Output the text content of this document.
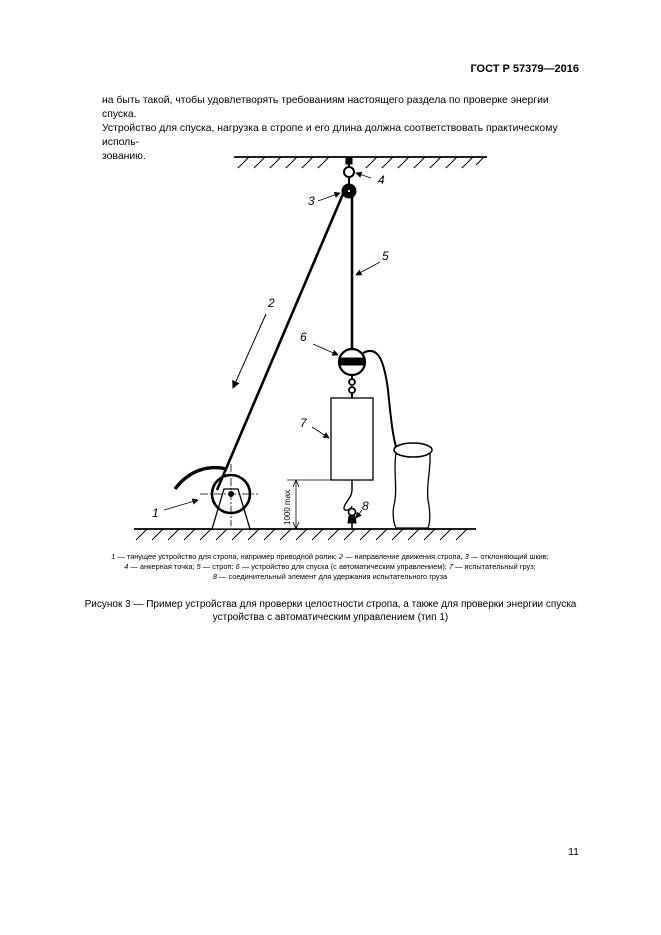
ГОСТ Р 57379—2016

на быть такой, чтобы удовлетворять требованиям настоящего раздела по проверке энергии спуска.
Устройство для спуска, нагрузка в стропе и его длина должна соответствовать практическому исполь-
зованию.

1000 max
1
2
3
4
5
6
7
8
1 — тянущее устройство для стропа, например приводной ролик; 2 — направление движения стропа, 3 — отклоняющий шкив;
4 — анкерная точка; 5 — строп; 6 — устройство для спуска (с автоматическим управлением); 7 — испытательный груз;
8 — соединительный элемент для удержания испытательного груза
Рисунок 3 — Пример устройства для проверки целостности стропа, а также для проверки энергии спуска
устройства с автоматическим управлением (тип 1)
11
